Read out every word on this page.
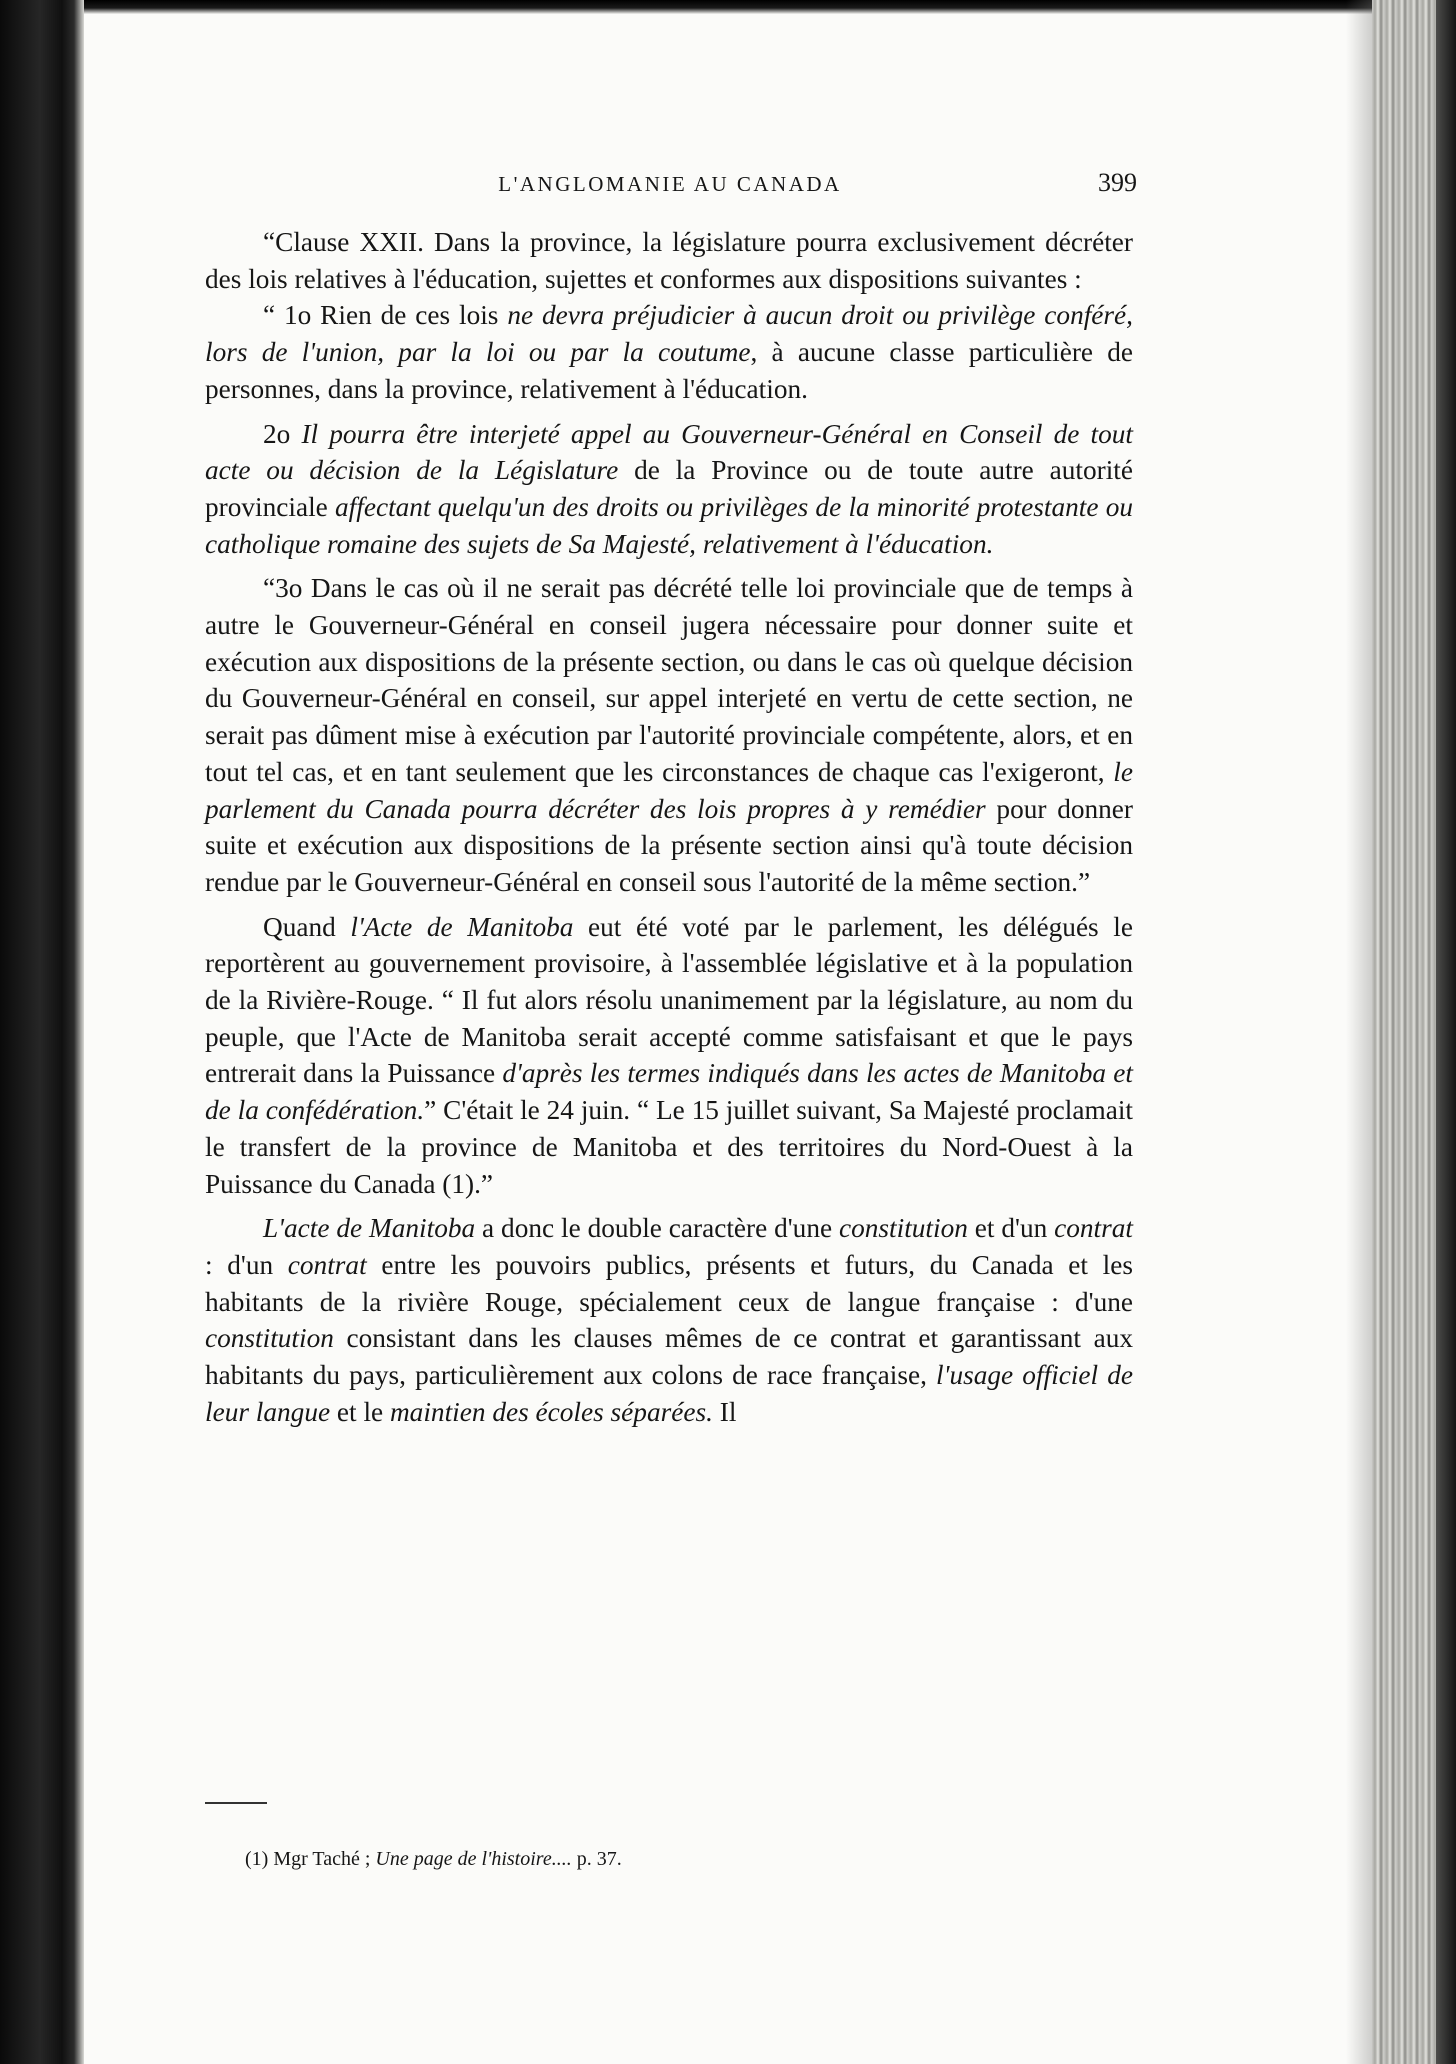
L'ANGLOMANIE AU CANADA	399

“Clause XXII. Dans la province, la législature pourra exclusivement décréter des lois relatives à l'éducation, sujettes et conformes aux dispositions suivantes :

“ 1o Rien de ces lois ne devra préjudicier à aucun droit ou privilège conféré, lors de l'union, par la loi ou par la coutume, à aucune classe particulière de personnes, dans la province, relativement à l'éducation.

2o Il pourra être interjeté appel au Gouverneur-Général en Conseil de tout acte ou décision de la Législature de la Province ou de toute autre autorité provinciale affectant quelqu'un des droits ou privilèges de la minorité protestante ou catholique romaine des sujets de Sa Majesté, relativement à l'éducation.

“3o Dans le cas où il ne serait pas décrété telle loi provinciale que de temps à autre le Gouverneur-Général en conseil jugera nécessaire pour donner suite et exécution aux dispositions de la présente section, ou dans le cas où quelque décision du Gouverneur-Général en conseil, sur appel interjeté en vertu de cette section, ne serait pas dûment mise à exécution par l'autorité provinciale compétente, alors, et en tout tel cas, et en tant seulement que les circonstances de chaque cas l'exigeront, le parlement du Canada pourra décréter des lois propres à y remédier pour donner suite et exécution aux dispositions de la présente section ainsi qu'à toute décision rendue par le Gouverneur-Général en conseil sous l'autorité de la même section.”

Quand l'Acte de Manitoba eut été voté par le parlement, les délégués le reportèrent au gouvernement provisoire, à l'assemblée législative et à la population de la Rivière-Rouge. “ Il fut alors résolu unanimement par la législature, au nom du peuple, que l'Acte de Manitoba serait accepté comme satisfaisant et que le pays entrerait dans la Puissance d'après les termes indiqués dans les actes de Manitoba et de la confédération.” C'était le 24 juin. “ Le 15 juillet suivant, Sa Majesté proclamait le transfert de la province de Manitoba et des territoires du Nord-Ouest à la Puissance du Canada (1).”

L'acte de Manitoba a donc le double caractère d'une constitution et d'un contrat : d'un contrat entre les pouvoirs publics, présents et futurs, du Canada et les habitants de la rivière Rouge, spécialement ceux de langue française : d'une constitution consistant dans les clauses mêmes de ce contrat et garantissant aux habitants du pays, particulièrement aux colons de race française, l'usage officiel de leur langue et le maintien des écoles séparées. Il

(1) Mgr Taché ; Une page de l'histoire.... p. 37.
